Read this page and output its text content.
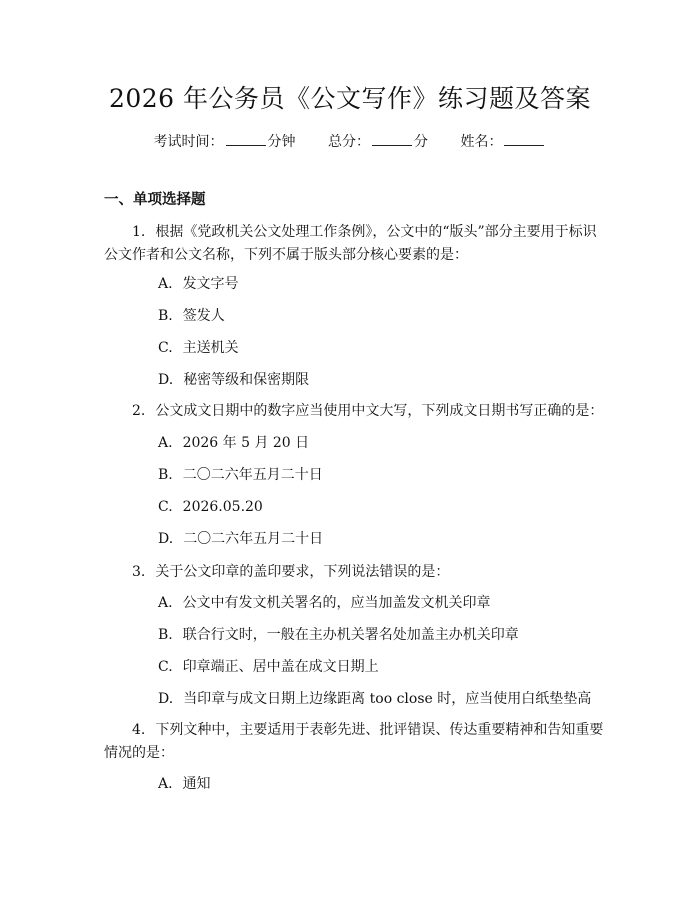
2026 年公务员《公文写作》练习题及答案
考试时间：	分钟 总分：	分 姓名：
一、单项选择题
1. 根据《党政机关公文处理工作条例》，公文中的“版头”部分主要用于标识公文作者和公文名称，下列不属于版头部分核心要素的是：
A. 发文字号
B. 签发人
C. 主送机关
D. 秘密等级和保密期限
2. 公文成文日期中的数字应当使用中文大写，下列成文日期书写正确的是：
A. 2026 年 5 月 20 日
B. 二〇二六年五月二十日
C. 2026.05.20
D. 二〇二六年五月二十日
3. 关于公文印章的盖印要求，下列说法错误的是：
A. 公文中有发文机关署名的，应当加盖发文机关印章
B. 联合行文时，一般在主办机关署名处加盖主办机关印章
C. 印章端正、居中盖在成文日期上
D. 当印章与成文日期上边缘距离 too close 时，应当使用白纸垫垫高
4. 下列文种中，主要适用于表彰先进、批评错误、传达重要精神和告知重要情况的是：
A. 通知
